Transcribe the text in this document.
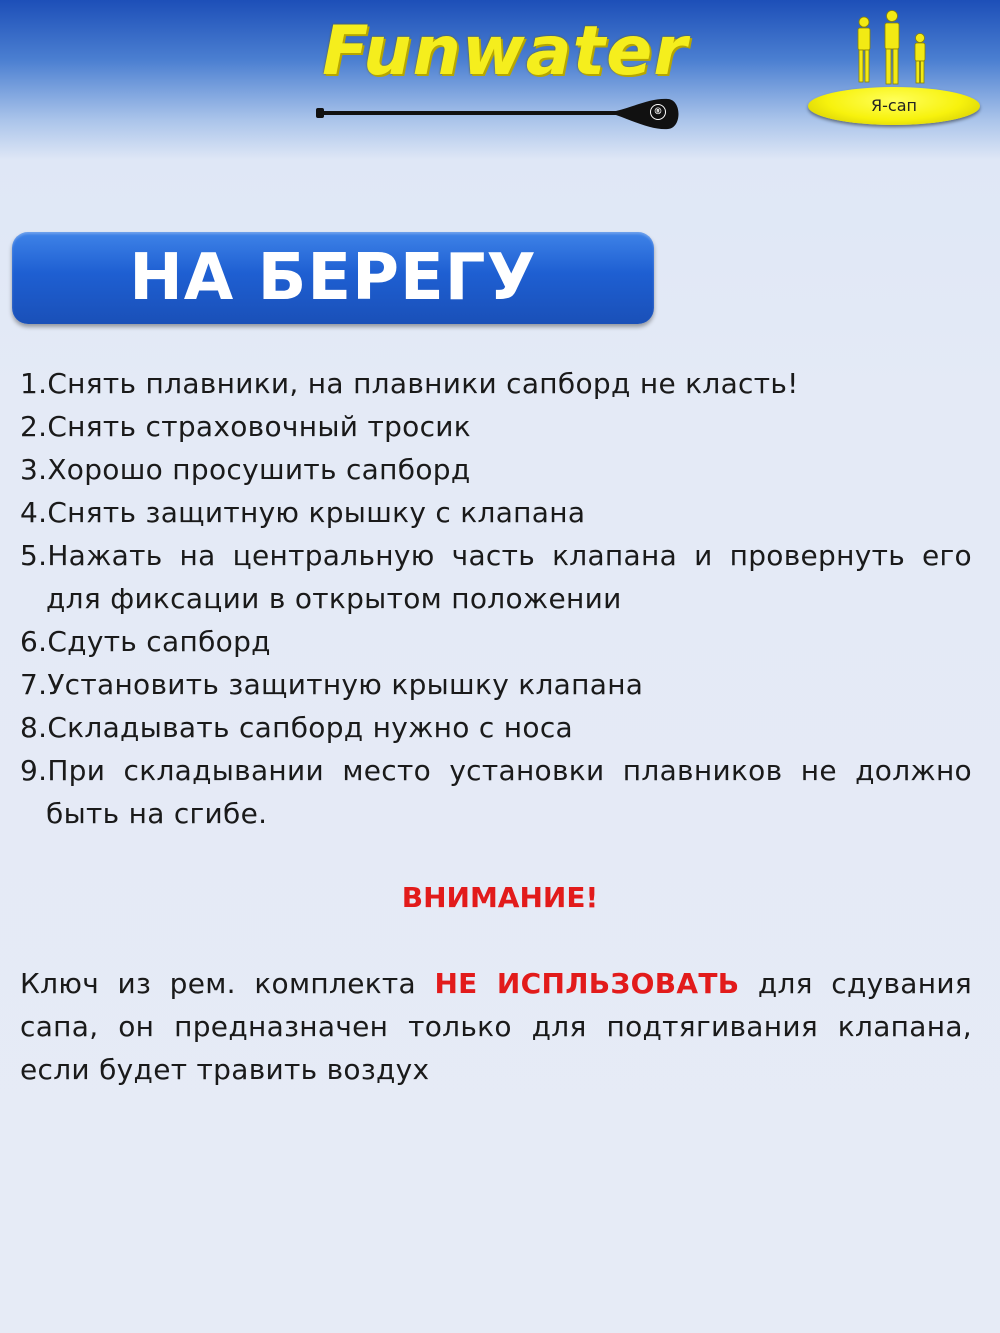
Funwater
®	Я-сап
НА БЕРЕГУ
1.Снять плавники, на плавники сапборд не класть!
2.Снять страховочный тросик
3.Хорошо просушить сапборд
4.Снять защитную крышку с клапана
5.Нажать на центральную часть клапана и провернуть его для фиксации в открытом положении
6.Сдуть сапборд
7.Установить защитную крышку клапана
8.Складывать сапборд нужно с носа
9.При складывании место установки плавников не должно быть на сгибе.
ВНИМАНИЕ!
Ключ из рем. комплекта НЕ ИСПЛЬЗОВАТЬ для сдувания сапа, он предназначен только для подтягивания клапана, если будет травить воздух
